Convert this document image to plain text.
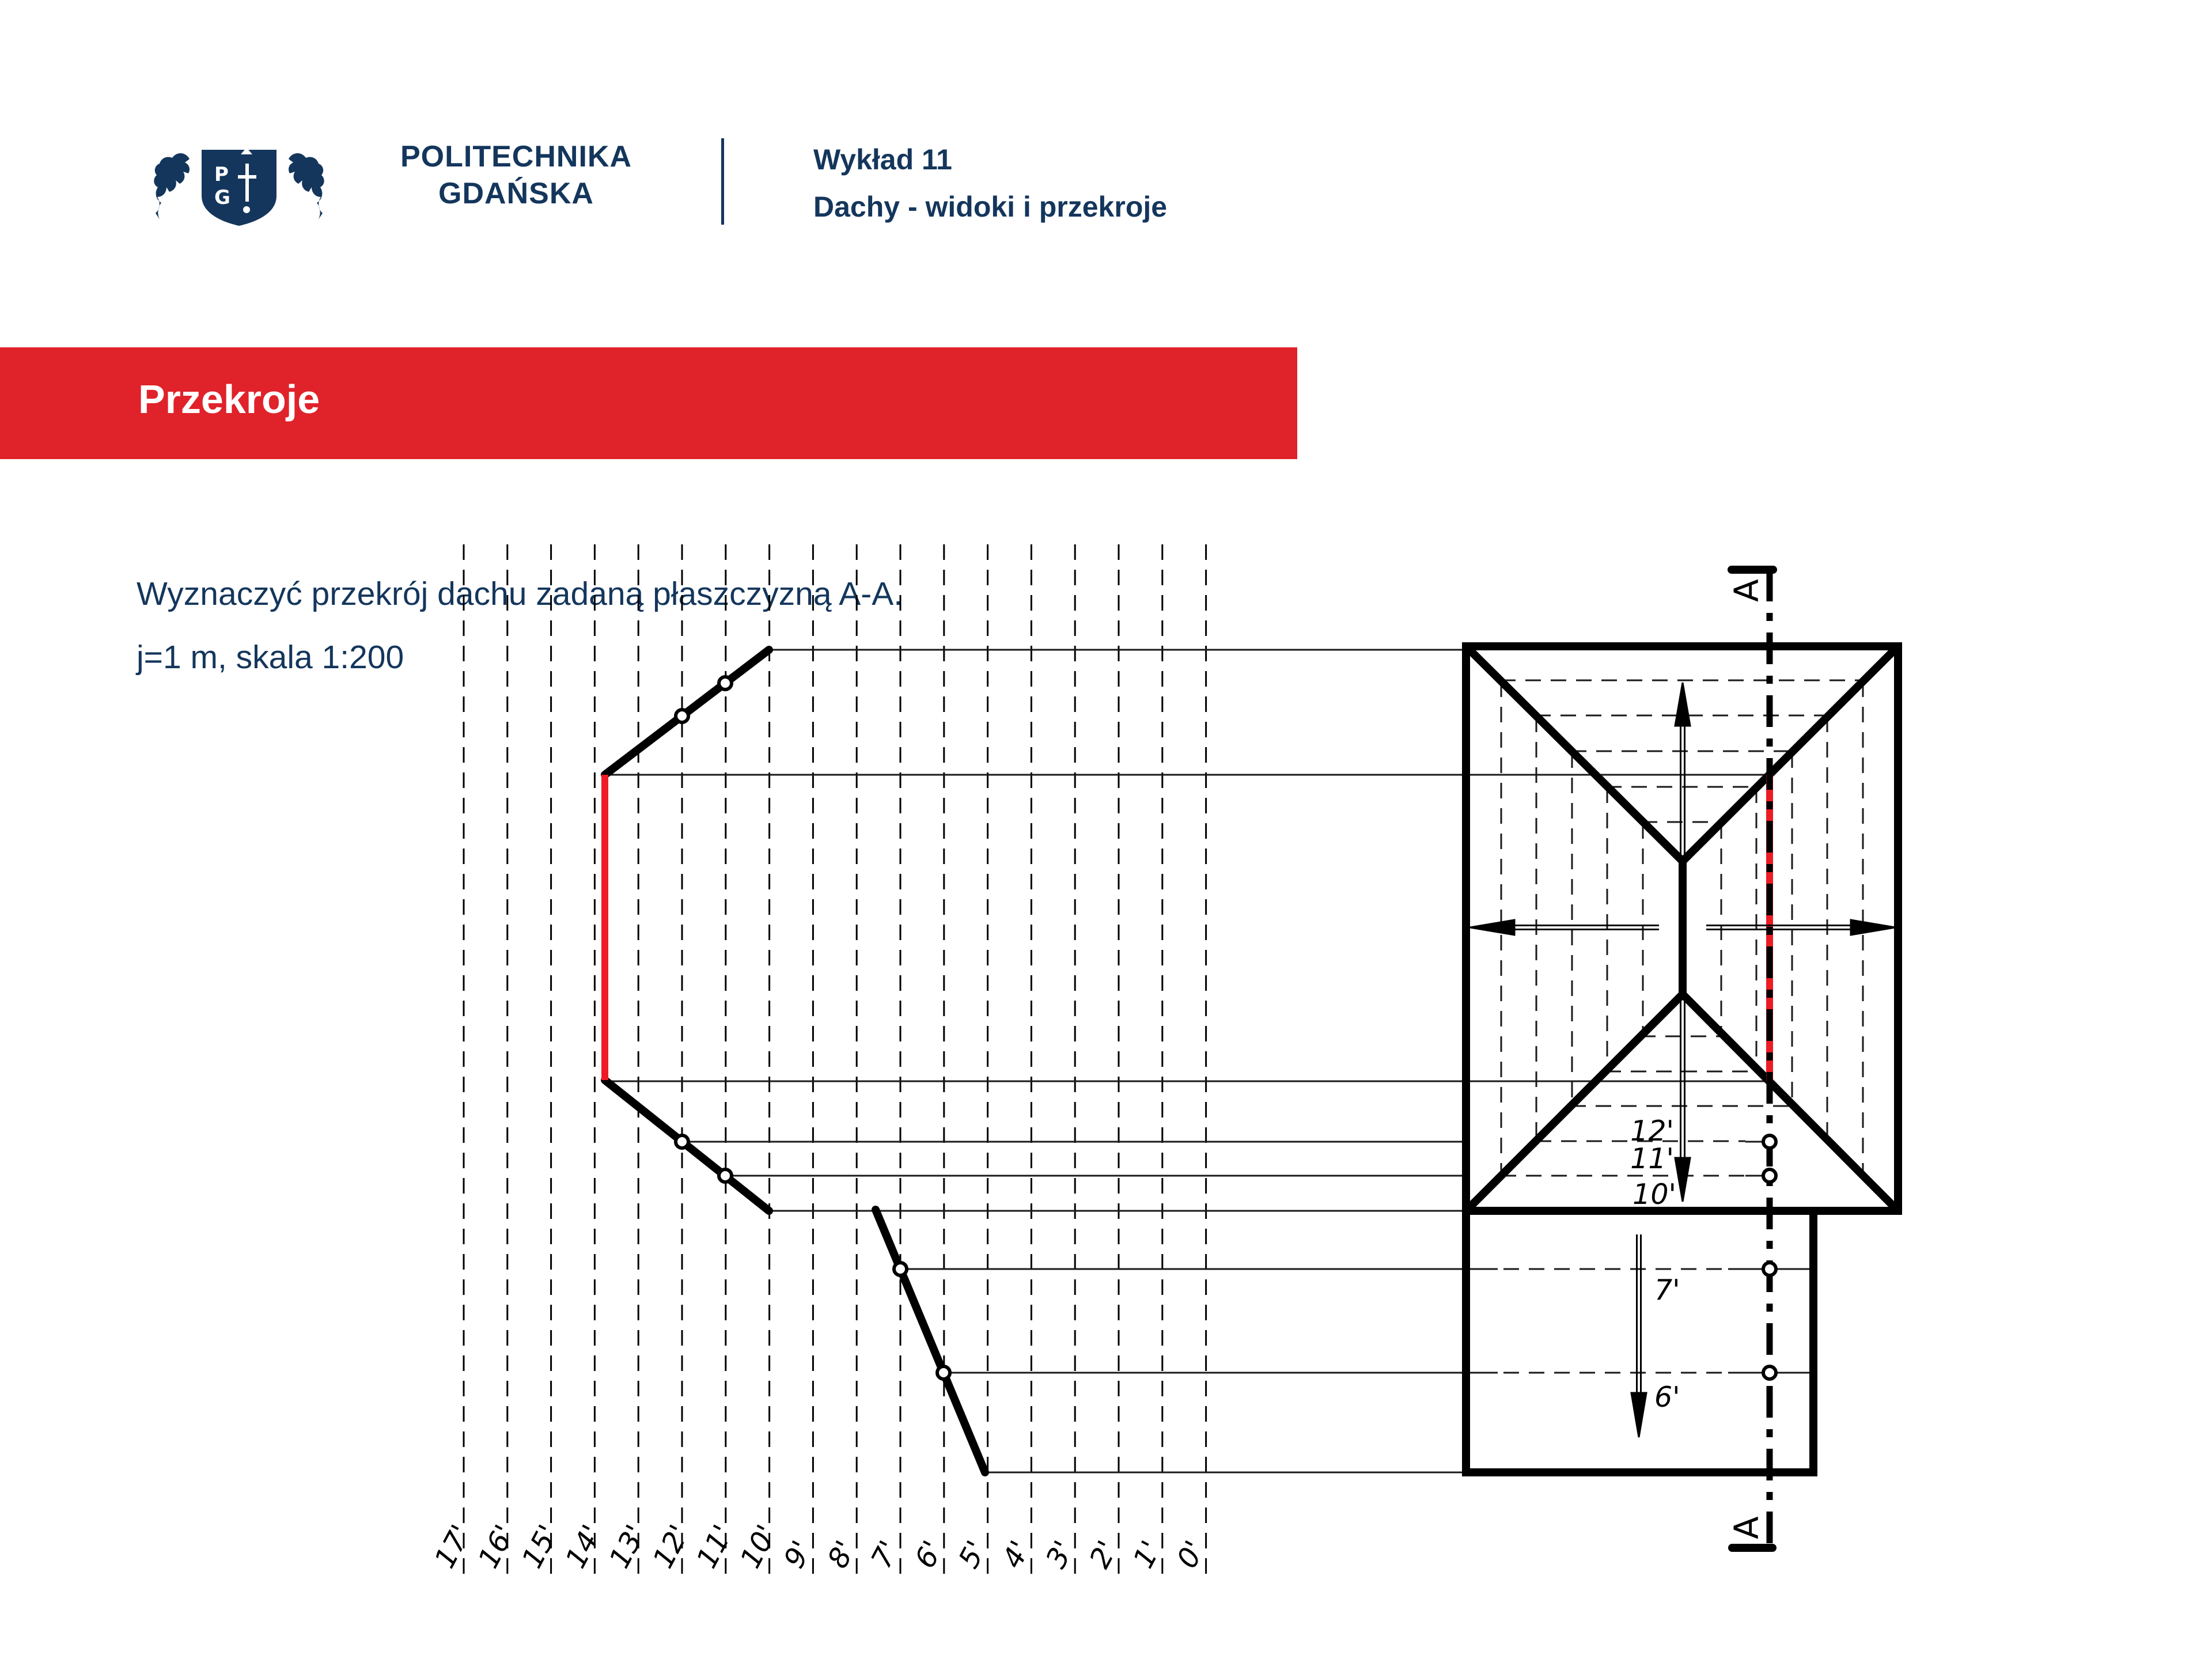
P
G
POLITECHNIKA
GDAŃSKA
Wykład 11
Dachy - widoki i przekroje
Przekroje
Wyznaczyć przekrój dachu zadaną płaszczyzną A-A.
j=1 m, skala 1:200
17'
16'
15'
14'
13'
12'
11'
10'
9' 8' 7' 6' 5' 4' 3' 2' 1' 0'
12'
11'
10'
7'
6'
A
A
